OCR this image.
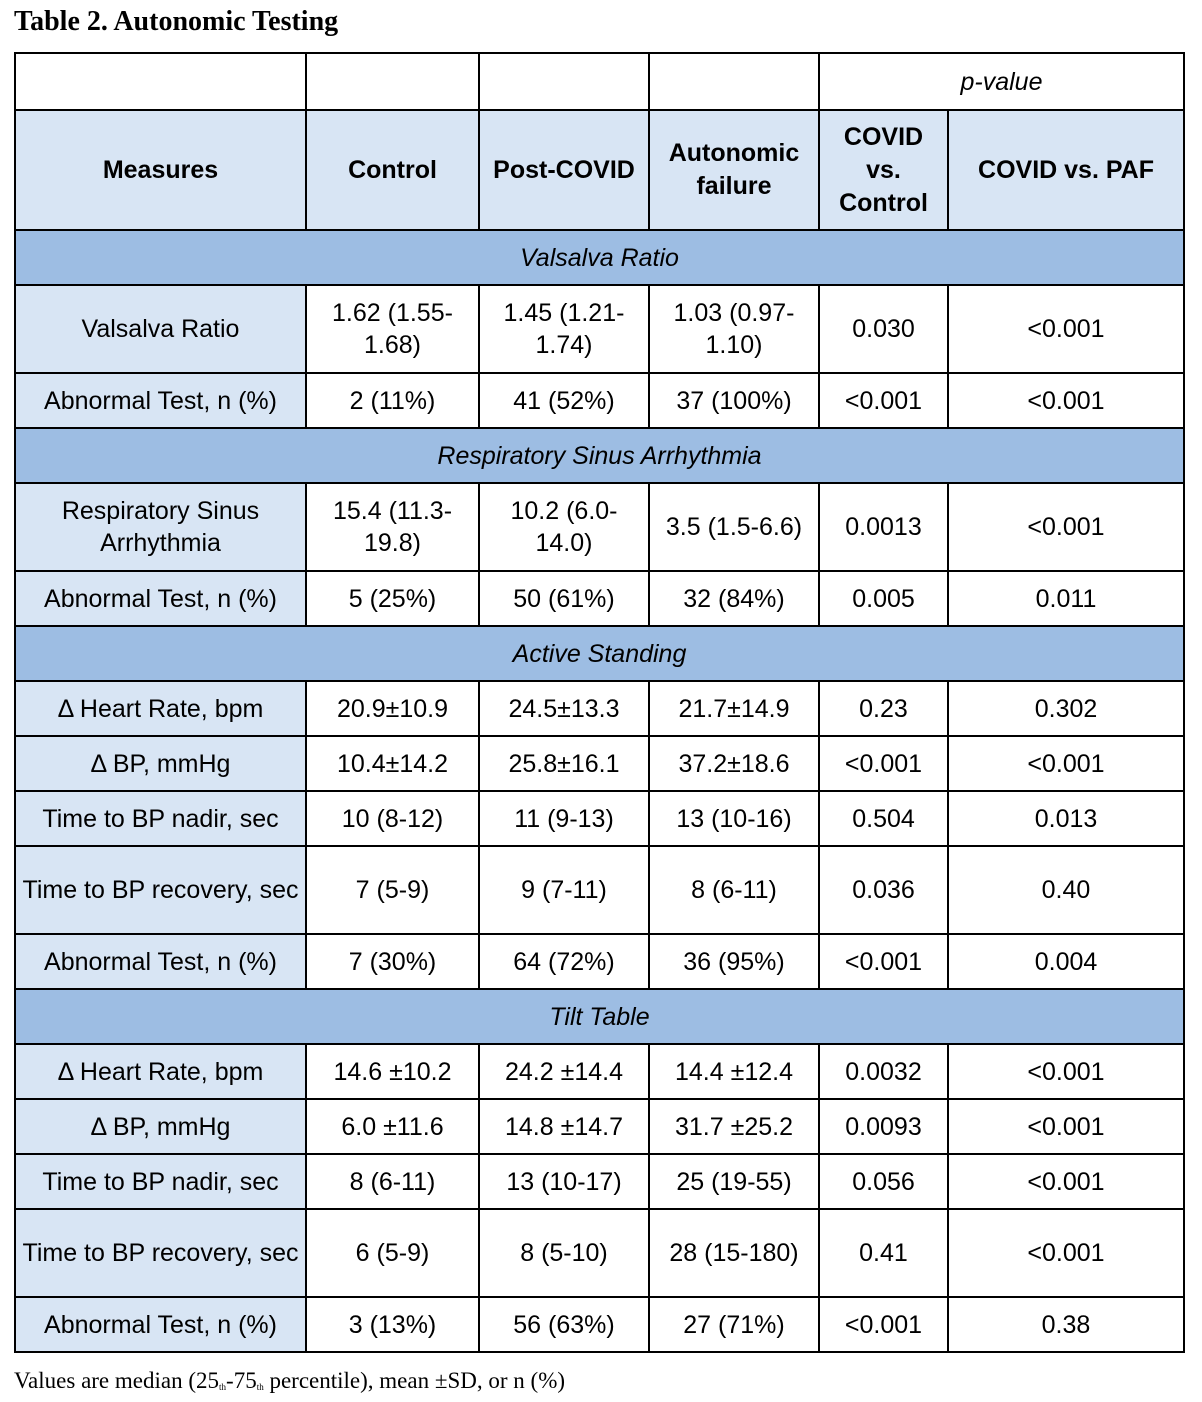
Table 2. Autonomic Testing
				p-value	
Measures	Control	Post-COVID	Autonomic failure	COVID vs. Control	COVID vs. PAF
Valsalva Ratio					
Valsalva Ratio	1.62 (1.55-1.68)	1.45 (1.21-1.74)	1.03 (0.97-1.10)	0.030	<0.001
Abnormal Test, n (%)	2 (11%)	41 (52%)	37 (100%)	<0.001	<0.001
Respiratory Sinus Arrhythmia					
Respiratory Sinus Arrhythmia	15.4 (11.3-19.8)	10.2 (6.0-14.0)	3.5 (1.5-6.6)	0.0013	<0.001
Abnormal Test, n (%)	5 (25%)	50 (61%)	32 (84%)	0.005	0.011
Active Standing					
Δ Heart Rate, bpm	20.9±10.9	24.5±13.3	21.7±14.9	0.23	0.302
Δ BP, mmHg	10.4±14.2	25.8±16.1	37.2±18.6	<0.001	<0.001
Time to BP nadir, sec	10 (8-12)	11 (9-13)	13 (10-16)	0.504	0.013
Time to BP recovery, sec	7 (5-9)	9 (7-11)	8 (6-11)	0.036	0.40
Abnormal Test, n (%)	7 (30%)	64 (72%)	36 (95%)	<0.001	0.004
Tilt Table					
Δ Heart Rate, bpm	14.6 ±10.2	24.2 ±14.4	14.4 ±12.4	0.0032	<0.001
Δ BP, mmHg	6.0 ±11.6	14.8 ±14.7	31.7 ±25.2	0.0093	<0.001
Time to BP nadir, sec	8 (6-11)	13 (10-17)	25 (19-55)	0.056	<0.001
Time to BP recovery, sec	6 (5-9)	8 (5-10)	28 (15-180)	0.41	<0.001
Abnormal Test, n (%)	3 (13%)	56 (63%)	27 (71%)	<0.001	0.38
Values are median ($25_{th}-75_{th}$ percentile), mean ±SD, or n (%)
